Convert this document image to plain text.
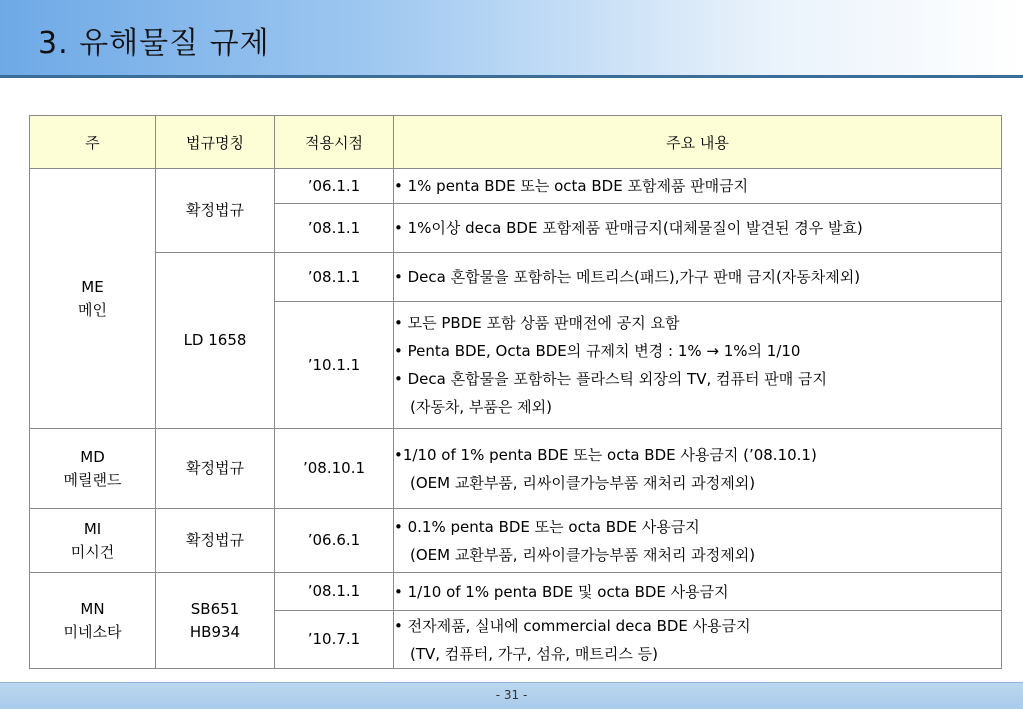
3. 유해물질 규제
주	법규명칭	적용시점	주요 내용

ME
메인	확정법규	’06.1.1	• 1% penta BDE 또는 octa BDE 포함제품 판매금지

		’08.1.1	• 1%이상 deca BDE 포함제품 판매금지(대체물질이 발견된 경우 발효)

	LD 1658	’08.1.1	• Deca 혼합물을 포함하는 메트리스(패드),가구 판매 금지(자동차제외)

		’10.1.1	• 모든 PBDE 포함 상품 판매전에 공지 요함
• Penta BDE, Octa BDE의 규제치 변경 : 1% → 1%의 1/10
• Deca 혼합물을 포함하는 플라스틱 외장의 TV, 컴퓨터 판매 금지
(자동차, 부품은 제외)

MD
메릴랜드	확정법규	’08.10.1	•1/10 of 1% penta BDE 또는 octa BDE 사용금지 (’08.10.1)
(OEM 교환부품, 리싸이클가능부품 재처리 과정제외)

MI
미시건	확정법규	’06.6.1	• 0.1% penta BDE 또는 octa BDE 사용금지
(OEM 교환부품, 리싸이클가능부품 재처리 과정제외)

MN
미네소타	SB651
HB934	’08.1.1	• 1/10 of 1% penta BDE 및 octa BDE 사용금지

		’10.7.1	• 전자제품, 실내에 commercial deca BDE 사용금지
(TV, 컴퓨터, 가구, 섬유, 매트리스 등)
- 31 -
